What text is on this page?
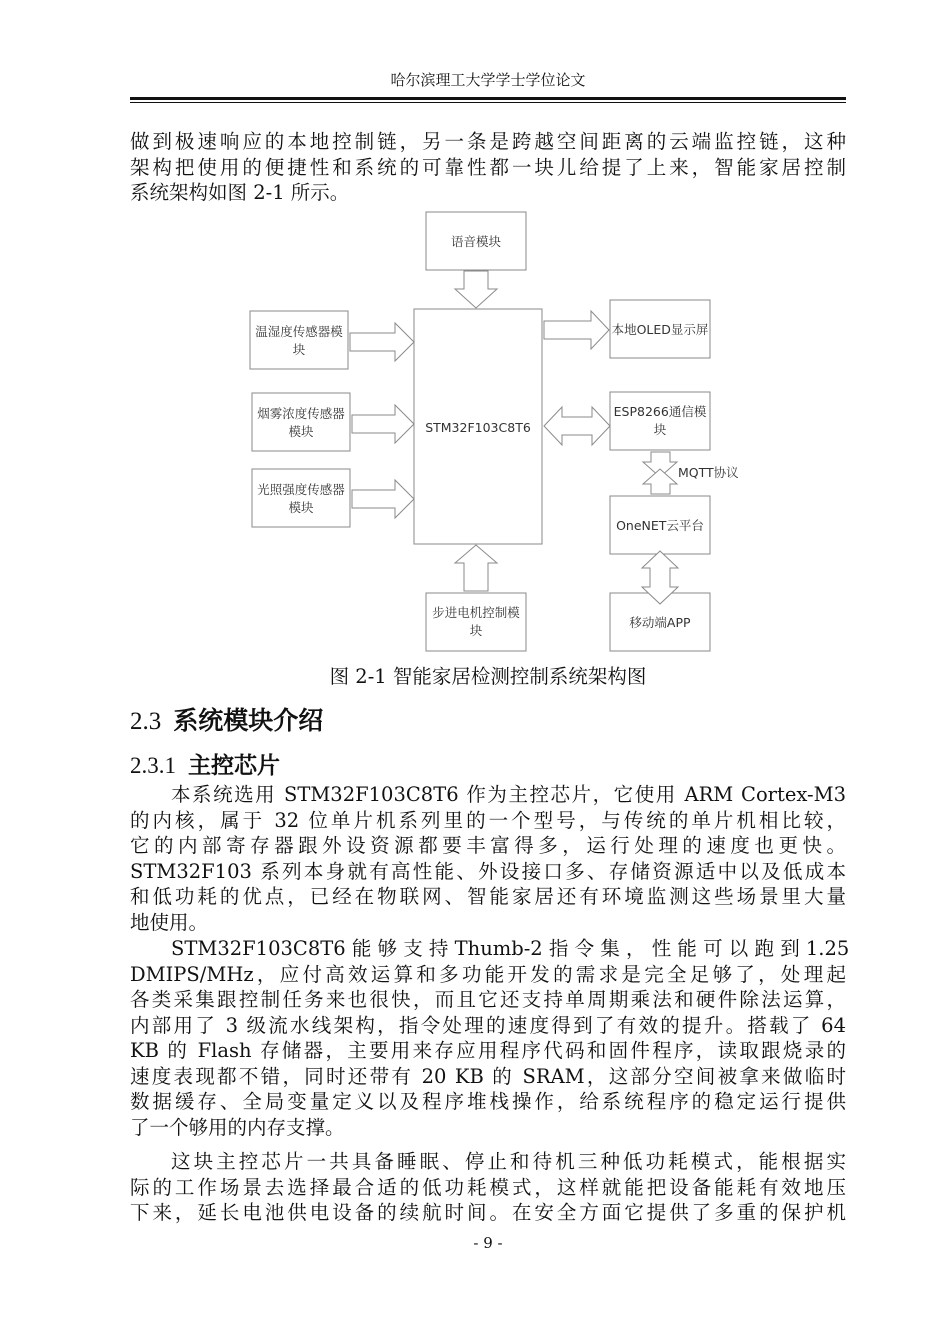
哈尔滨理工大学学士学位论文
做到极速响应的本地控制链，另一条是跨越空间距离的云端监控链，这种
架构把使用的便捷性和系统的可靠性都一块儿给提了上来，智能家居控制
系统架构如图 2-1 所示。
语音模块
温湿度传感器模
块
烟雾浓度传感器
模块
光照强度传感器
模块
STM32F103C8T6
本地OLED显示屏
ESP8266通信模
块
MQTT协议
OneNET云平台
移动端APP
步进电机控制模
块
图 2-1 智能家居检测控制系统架构图
2.3 系统模块介绍
2.3.1 主控芯片
本系统选用 STM32F103C8T6 作为主控芯片，它使用 ARM Cortex-M3
的内核，属于 32 位单片机系列里的一个型号，与传统的单片机相比较，
它的内部寄存器跟外设资源都要丰富得多，运行处理的速度也更快。
STM32F103 系列本身就有高性能、外设接口多、存储资源适中以及低成本
和低功耗的优点，已经在物联网、智能家居还有环境监测这些场景里大量
地使用。
STM32F103C8T6 能 够 支 持 Thumb-2 指 令 集 ， 性 能 可 以 跑 到 1.25
DMIPS/MHz，应付高效运算和多功能开发的需求是完全足够了，处理起
各类采集跟控制任务来也很快，而且它还支持单周期乘法和硬件除法运算，
内部用了 3 级流水线架构，指令处理的速度得到了有效的提升。搭载了 64
KB 的 Flash 存储器，主要用来存应用程序代码和固件程序，读取跟烧录的
速度表现都不错，同时还带有 20 KB 的 SRAM，这部分空间被拿来做临时
数据缓存、全局变量定义以及程序堆栈操作，给系统程序的稳定运行提供
了一个够用的内存支撑。
这块主控芯片一共具备睡眠、停止和待机三种低功耗模式，能根据实
际的工作场景去选择最合适的低功耗模式，这样就能把设备能耗有效地压
下来，延长电池供电设备的续航时间。在安全方面它提供了多重的保护机
- 9 -
